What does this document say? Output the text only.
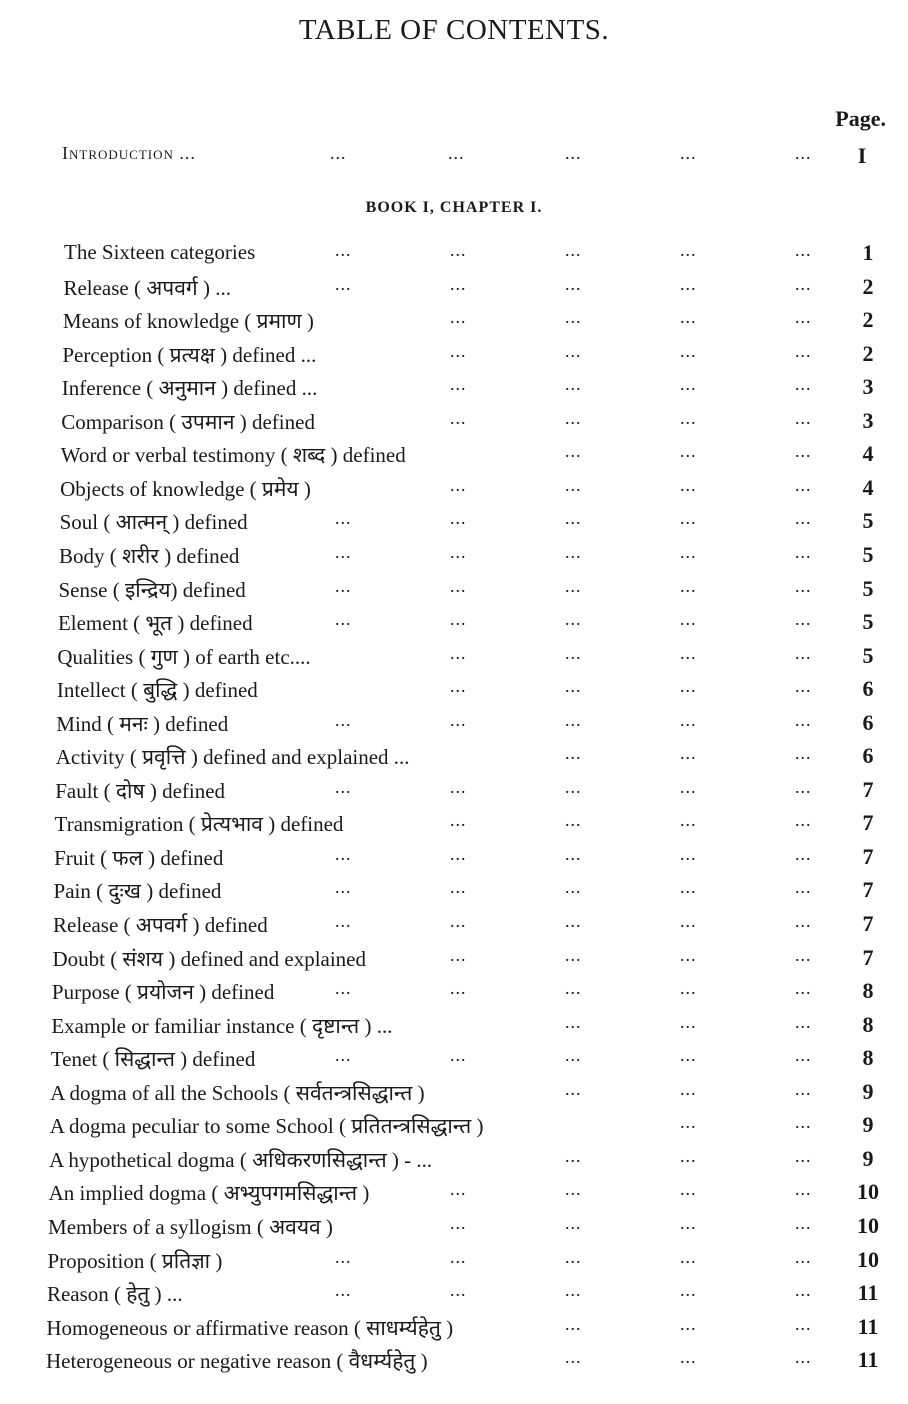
TABLE OF CONTENTS.
Page.
Introduction ...	...	...	...	...	...	I
BOOK I, CHAPTER I.
The Sixteen categories	...	...	...	...	...	1
Release ( अपवर्ग ) ...	...	...	...	...	...	2
Means of knowledge ( प्रमाण )	...	...	...	...	2
Perception ( प्रत्यक्ष ) defined ...	...	...	...	...	2
Inference ( अनुमान ) defined ...	...	...	...	...	3
Comparison ( उपमान ) defined	...	...	...	...	3
Word or verbal testimony ( शब्द ) defined	...	...	...	4
Objects of knowledge ( प्रमेय )	...	...	...	...	4
Soul ( आत्मन् ) defined	...	...	...	...	...	5
Body ( शरीर ) defined	...	...	...	...	...	5
Sense ( इन्द्रिय) defined	...	...	...	...	...	5
Element ( भूत ) defined	...	...	...	...	...	5
Qualities ( गुण ) of earth etc....	...	...	...	...	5
Intellect ( बुद्धि ) defined	...	...	...	...	6
Mind ( मनः ) defined	...	...	...	...	...	6
Activity ( प्रवृत्ति ) defined and explained ...	...	...	...	6
Fault ( दोष ) defined	...	...	...	...	...	7
Transmigration ( प्रेत्यभाव ) defined	...	...	...	...	7
Fruit ( फल ) defined	...	...	...	...	...	7
Pain ( दुःख ) defined	...	...	...	...	...	7
Release ( अपवर्ग ) defined	...	...	...	...	...	7
Doubt ( संशय ) defined and explained	...	...	...	...	7
Purpose ( प्रयोजन ) defined	...	...	...	...	...	8
Example or familiar instance ( दृष्टान्त ) ...	...	...	...	8
Tenet ( सिद्धान्त ) defined	...	...	...	...	...	8
A dogma of all the Schools ( सर्वतन्त्रसिद्धान्त )	...	...	...	9
A dogma peculiar to some School ( प्रतितन्त्रसिद्धान्त )	...	...	9
A hypothetical dogma ( अधिकरणसिद्धान्त ) - ...	...	...	...	9
An implied dogma ( अभ्युपगमसिद्धान्त )	...	...	...	...	10
Members of a syllogism ( अवयव )	...	...	...	...	10
Proposition ( प्रतिज्ञा )	...	...	...	...	...	10
Reason ( हेतु ) ...	...	...	...	...	...	11
Homogeneous or affirmative reason ( साधर्म्यहेतु )	...	...	...	11
Heterogeneous or negative reason ( वैधर्म्यहेतु )	...	...	...	11
